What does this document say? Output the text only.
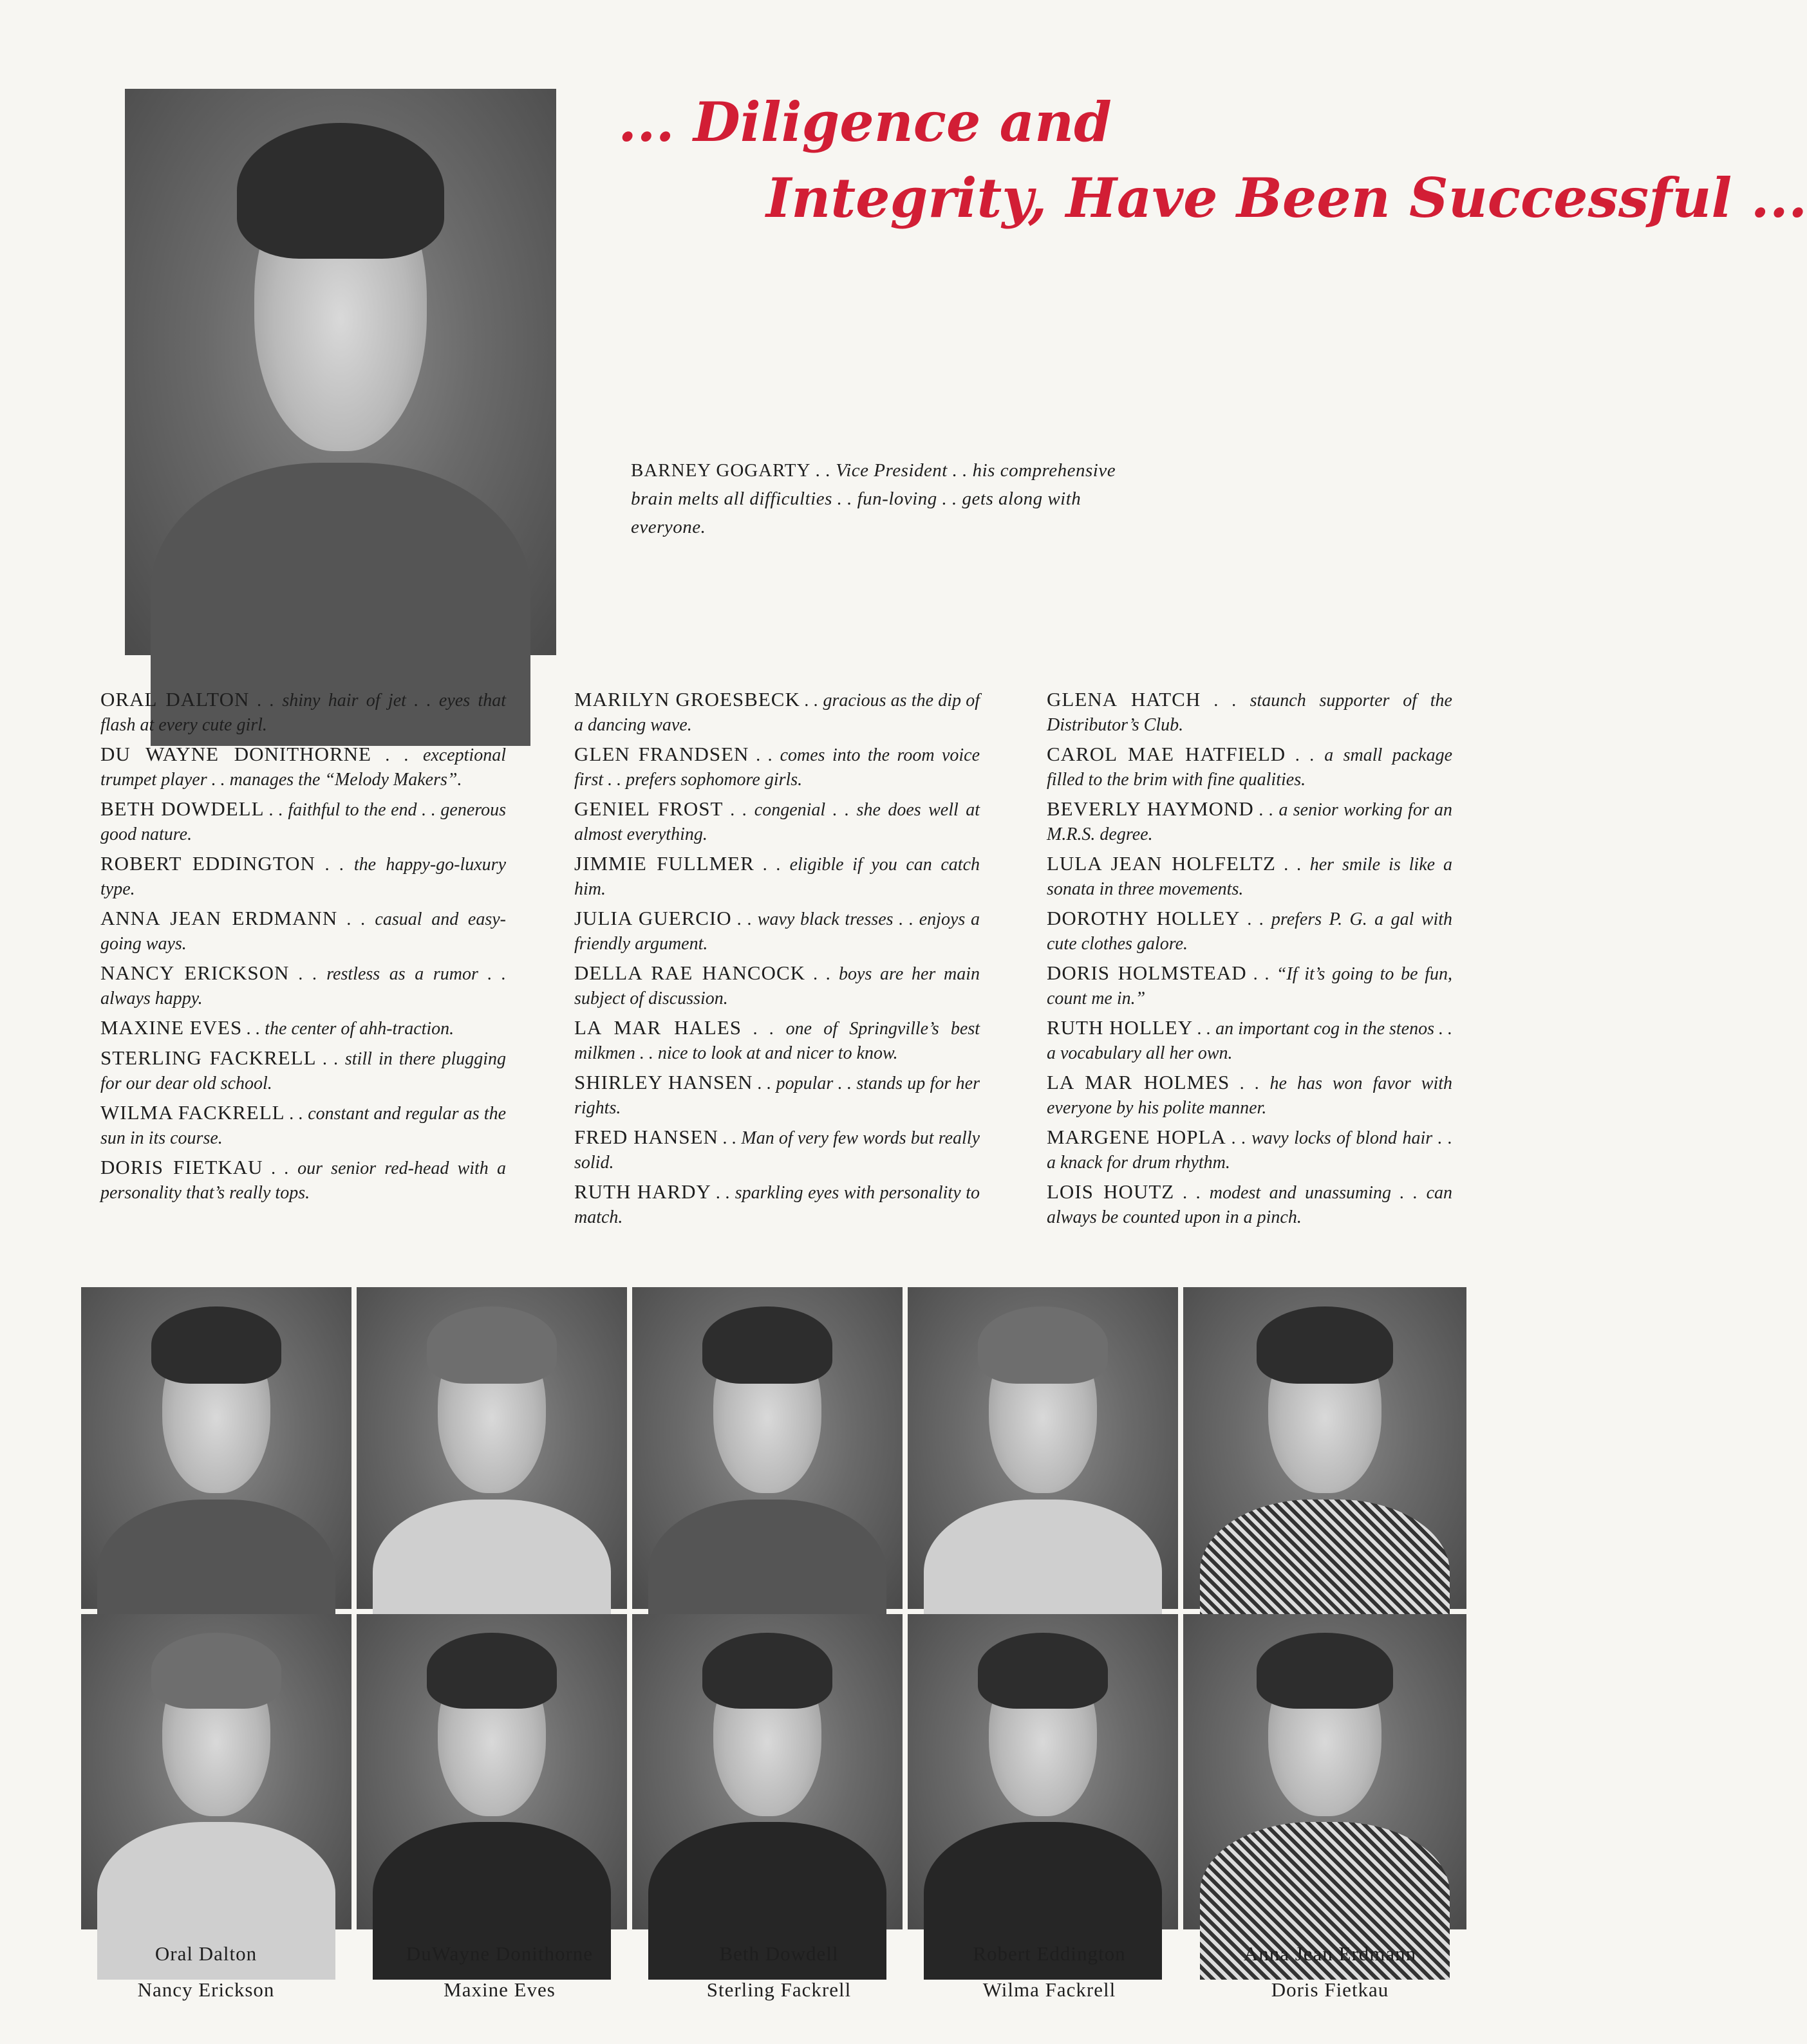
... Diligence and
Integrity, Have Been Successful ...

BARNEY GOGARTY . . Vice President . . his comprehensive brain melts all difficulties . . fun-loving . . gets along with everyone.

ORAL DALTON . . shiny hair of jet . . eyes that flash at every cute girl.

DU WAYNE DONITHORNE . . exceptional trumpet player . . manages the “Melody Makers”.

BETH DOWDELL . . faithful to the end . . generous good nature.

ROBERT EDDINGTON . . the happy-go-luxury type.

ANNA JEAN ERDMANN . . casual and easy-going ways.

NANCY ERICKSON . . restless as a rumor . . always happy.

MAXINE EVES . . the center of ahh-traction.

STERLING FACKRELL . . still in there plugging for our dear old school.

WILMA FACKRELL . . constant and regular as the sun in its course.

DORIS FIETKAU . . our senior red-head with a personality that’s really tops.

MARILYN GROESBECK . . gracious as the dip of a dancing wave.

GLEN FRANDSEN . . comes into the room voice first . . prefers sophomore girls.

GENIEL FROST . . congenial . . she does well at almost everything.

JIMMIE FULLMER . . eligible if you can catch him.

JULIA GUERCIO . . wavy black tresses . . enjoys a friendly argument.

DELLA RAE HANCOCK . . boys are her main subject of discussion.

LA MAR HALES . . one of Springville’s best milkmen . . nice to look at and nicer to know.

SHIRLEY HANSEN . . popular . . stands up for her rights.

FRED HANSEN . . Man of very few words but really solid.

RUTH HARDY . . sparkling eyes with personality to match.

GLENA HATCH . . staunch supporter of the Distributor’s Club.

CAROL MAE HATFIELD . . a small package filled to the brim with fine qualities.

BEVERLY HAYMOND . . a senior working for an M.R.S. degree.

LULA JEAN HOLFELTZ . . her smile is like a sonata in three movements.

DOROTHY HOLLEY . . prefers P. G. a gal with cute clothes galore.

DORIS HOLMSTEAD . . “If it’s going to be fun, count me in.”

RUTH HOLLEY . . an important cog in the stenos . . a vocabulary all her own.

LA MAR HOLMES . . he has won favor with everyone by his polite manner.

MARGENE HOPLA . . wavy locks of blond hair . . a knack for drum rhythm.

LOIS HOUTZ . . modest and unassuming . . can always be counted upon in a pinch.

Oral Dalton	DuWayne Donithorne	Beth Dowdell	Robert Eddington	Anna Jean Erdmann
Nancy Erickson	Maxine Eves	Sterling Fackrell	Wilma Fackrell	Doris Fietkau
